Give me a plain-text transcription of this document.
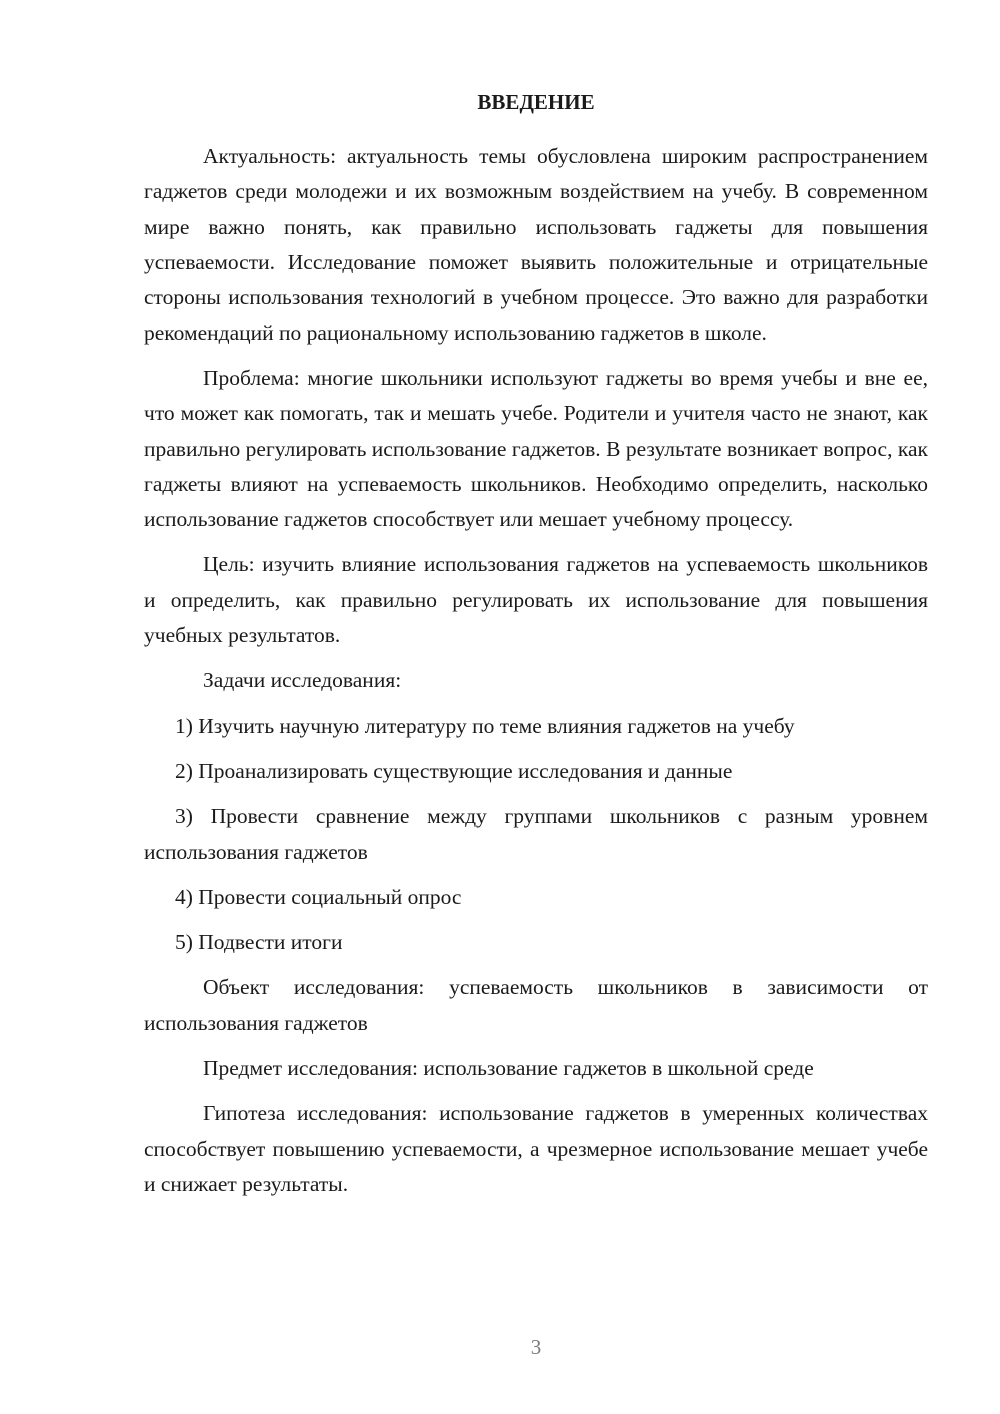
ВВЕДЕНИЕ

Актуальность: актуальность темы обусловлена широким распространением гаджетов среди молодежи и их возможным воздействием на учебу. В современном мире важно понять, как правильно использовать гаджеты для повышения успеваемости. Исследование поможет выявить положительные и отрицательные стороны использования технологий в учебном процессе. Это важно для разработки рекомендаций по рациональному использованию гаджетов в школе.

Проблема: многие школьники используют гаджеты во время учебы и вне ее, что может как помогать, так и мешать учебе. Родители и учителя часто не знают, как правильно регулировать использование гаджетов. В результате возникает вопрос, как гаджеты влияют на успеваемость школьников. Необходимо определить, насколько использование гаджетов способствует или мешает учебному процессу.

Цель: изучить влияние использования гаджетов на успеваемость школьников и определить, как правильно регулировать их использование для повышения учебных результатов.

Задачи исследования:

1) Изучить научную литературу по теме влияния гаджетов на учебу

2) Проанализировать существующие исследования и данные

3) Провести сравнение между группами школьников с разным уровнем использования гаджетов

4) Провести социальный опрос

5) Подвести итоги

Объект исследования: успеваемость школьников в зависимости от использования гаджетов

Предмет исследования: использование гаджетов в школьной среде

Гипотеза исследования: использование гаджетов в умеренных количествах способствует повышению успеваемости, а чрезмерное использование мешает учебе и снижает результаты.

3
